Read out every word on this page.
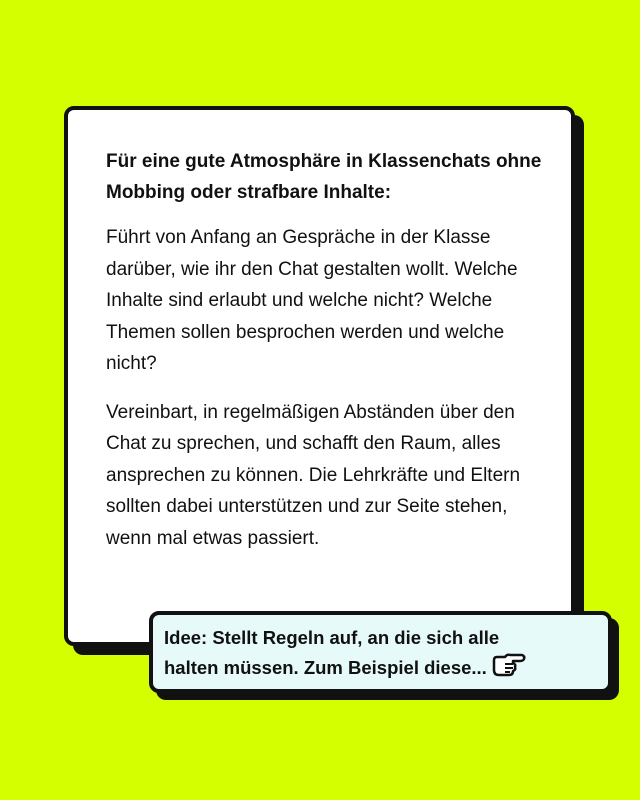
Für eine gute Atmosphäre in Klassenchats ohne Mobbing oder strafbare Inhalte:

Führt von Anfang an Gespräche in der Klasse darüber, wie ihr den Chat gestalten wollt. Welche Inhalte sind erlaubt und welche nicht? Welche Themen sollen besprochen werden und welche nicht?

Vereinbart, in regelmäßigen Abständen über den Chat zu sprechen, und schafft den Raum, alles ansprechen zu können. Die Lehrkräfte und Eltern sollten dabei unterstützen und zur Seite stehen, wenn mal etwas passiert.

Idee: Stellt Regeln auf, an die sich alle
halten müssen. Zum Beispiel diese...
